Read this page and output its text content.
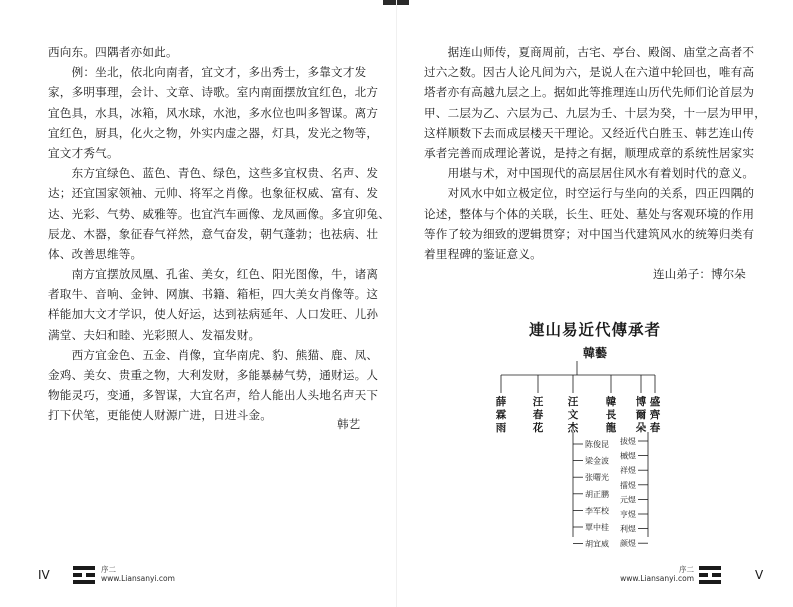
西向东。四隅者亦如此。
　　例：坐北，依北向南者，宜文才，多出秀士，多靠文才发
家，多明事理，会计、文章、诗歌。室内南面摆放宜红色，北方
宜色具，水具，冰箱，风水球，水池，多水位也叫多智谋。离方
宜红色，厨具，化火之物，外实内虚之器，灯具，发光之物等，
宜文才秀气。
　　东方宜绿色、蓝色、青色、绿色，这些多宜权贵、名声、发
达；还宜国家领袖、元帅、将军之肖像。也象征权威、富有、发
达、光彩、气势、威雅等。也宜汽车画像、龙凤画像。多宜卯兔、
辰龙、木器，象征春气祥然，意气奋发，朝气蓬勃；也祛病、壮
体、改善思维等。
　　南方宜摆放凤凰、孔雀、美女，红色、阳光图像，牛，诸离
者取牛、音响、金钟、网旗、书籍、箱柜，四大美女肖像等。这
样能加大文才学识，使人好运，达到祛病延年、人口发旺、儿孙
满堂、夫妇和睦、光彩照人、发福发财。
　　西方宜金色、五金、肖像，宜华南虎、豹、熊猫、鹿、凤、
金鸡、美女、贵重之物，大利发财，多能暴赫气势，通财运。人
物能灵巧，变通，多智谋，大宜名声，给人能出人头地名声天下
打下伏笔，更能使人财源广进，日进斗金。
韩艺
IV	序二
www.Liansanyi.com
　　据连山师传，夏商周前，古宅、亭台、殿阁、庙堂之高者不
过六之数。因古人论凡间为六，是说人在六道中轮回也，唯有高
塔者亦有高越九层之上。据如此等推理连山历代先师们论首层为
甲、二层为乙、六层为己、九层为壬、十层为癸，十一层为甲甲，
这样顺数下去而成层楼天干理论。又经近代白胜玉、韩艺连山传
承者完善而成理论著说，是持之有据，顺理成章的系统性居家实
　　用堪与术，对中国现代的高层居住风水有着划时代的意义。
　　对风水中如立极定位，时空运行与坐向的关系，四正四隅的
论述，整体与个体的关联，长生、旺处、墓处与客观环境的作用
等作了较为细致的逻辑贯穿；对中国当代建筑风水的统筹归类有
着里程碑的鉴证意义。
连山弟子：博尔朵
連山易近代傳承者
韓藝
薛霖雨
汪春花
汪文杰
韓長龍
博爾朵
盛齊春
陈俊昆
梁金波
张曙光
胡正鹏
李军校
覃中桂
胡宜威
拔煜
槭煜
祥煜
擂煜
元煜
亨煜
利煜
颜煜
V
序二
www.Liansanyi.com
